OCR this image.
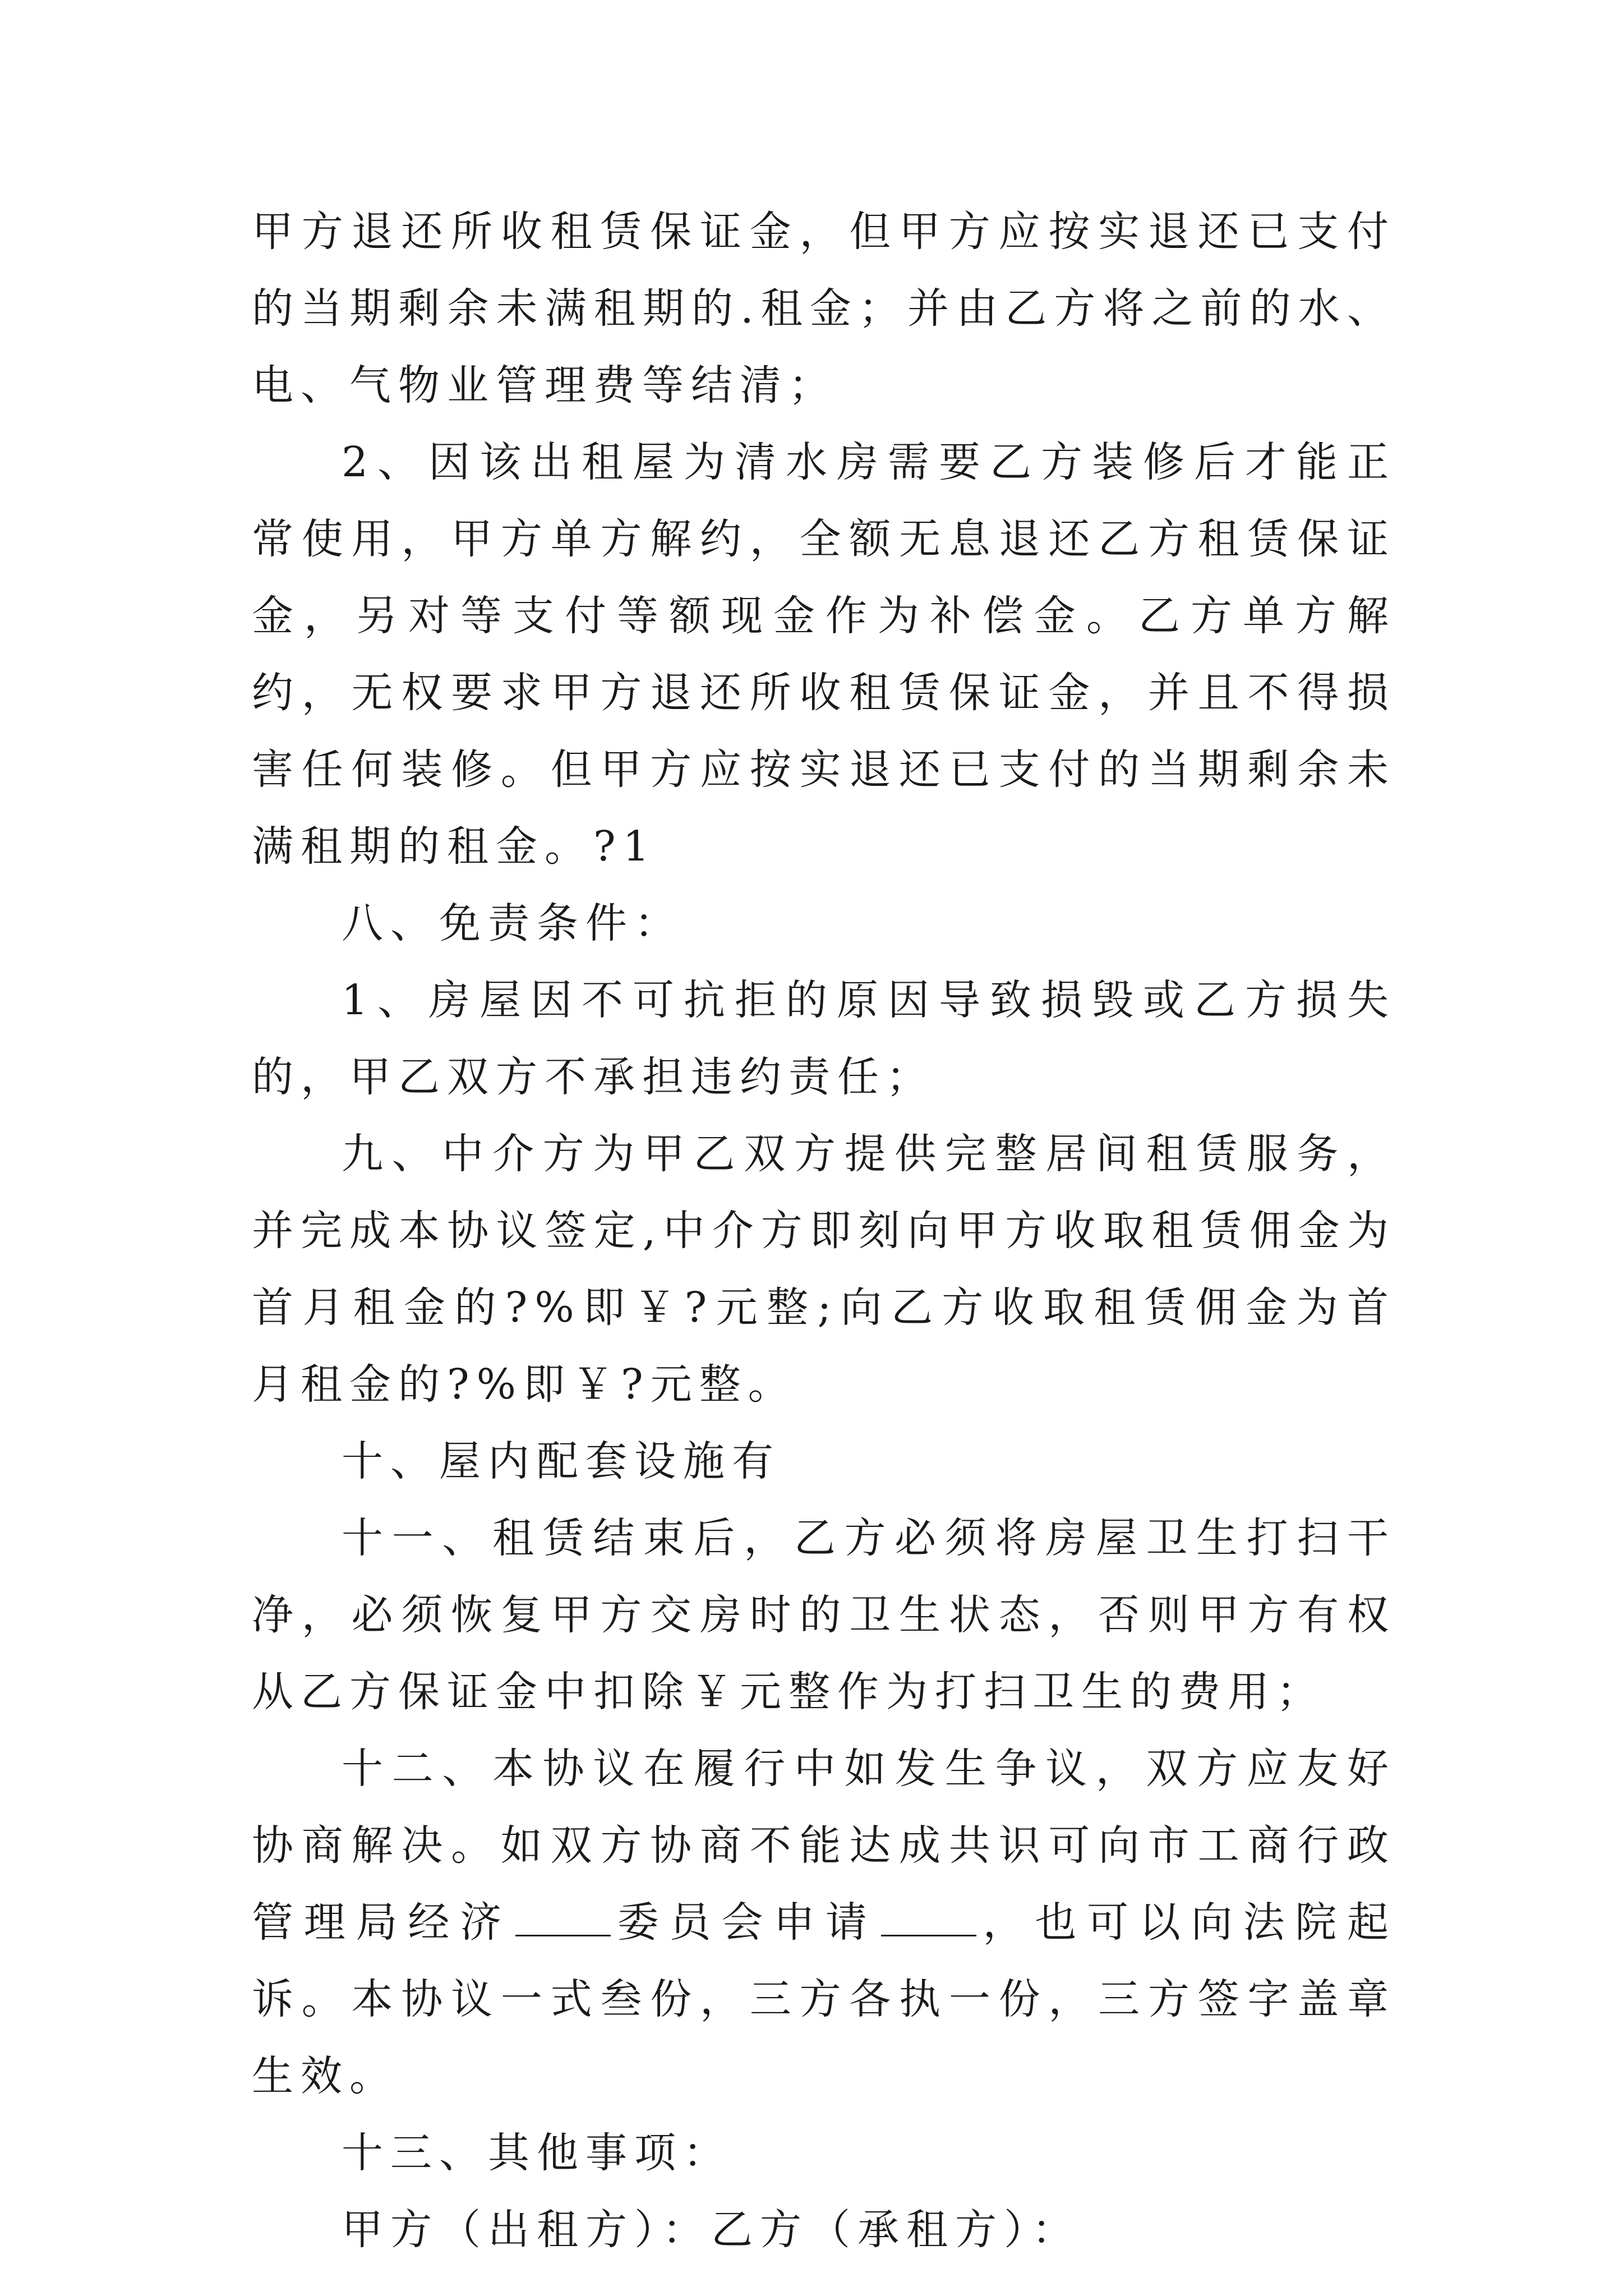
甲方退还所收租赁保证金，但甲方应按实退还已支付的当期剩余未满租期的.租金；并由乙方将之前的水、电、气物业管理费等结清；

2、因该出租屋为清水房需要乙方装修后才能正常使用，甲方单方解约，全额无息退还乙方租赁保证金，另对等支付等额现金作为补偿金。乙方单方解约，无权要求甲方退还所收租赁保证金，并且不得损害任何装修。但甲方应按实退还已支付的当期剩余未满租期的租金。?1

八、免责条件：

1、房屋因不可抗拒的原因导致损毁或乙方损失的，甲乙双方不承担违约责任；

九、中介方为甲乙双方提供完整居间租赁服务，并完成本协议签定,中介方即刻向甲方收取租赁佣金为首月租金的?%即￥?元整;向乙方收取租赁佣金为首月租金的?%即￥?元整。

十、屋内配套设施有

十一、租赁结束后，乙方必须将房屋卫生打扫干净，必须恢复甲方交房时的卫生状态，否则甲方有权从乙方保证金中扣除￥元整作为打扫卫生的费用；

十二、本协议在履行中如发生争议，双方应友好协商解决。如双方协商不能达成共识可向市工商行政管理局经济 委员会申请 ，也可以向法院起诉。本协议一式叁份，三方各执一份，三方签字盖章生效。

十三、其他事项：

甲方（出租方）：乙方（承租方）：
